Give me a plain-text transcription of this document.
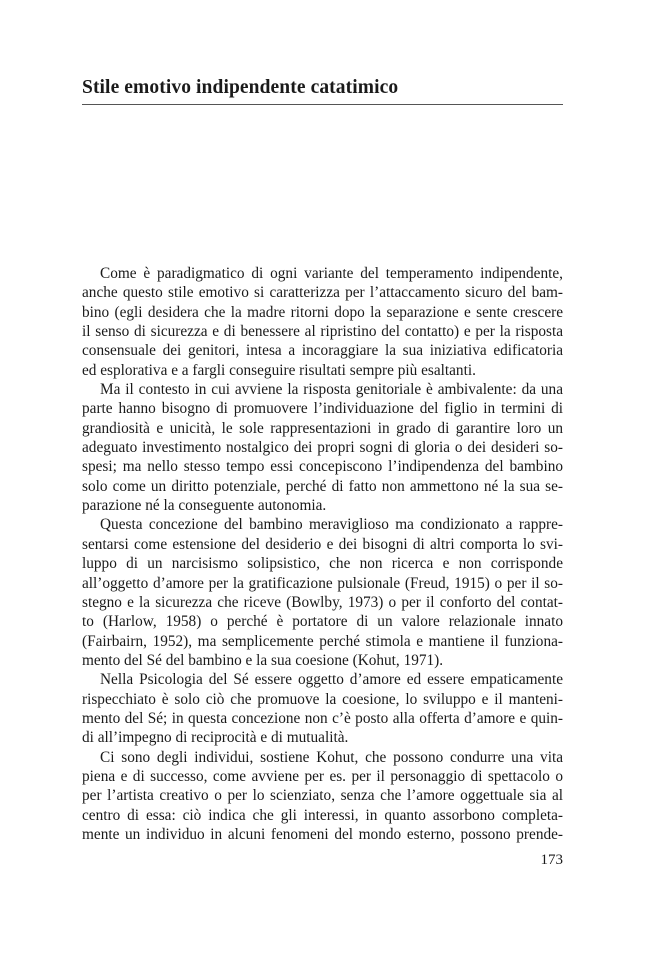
Stile emotivo indipendente catatimico
Come è paradigmatico di ogni variante del temperamento indipendente,
anche questo stile emotivo si caratterizza per l’attaccamento sicuro del bam-
bino (egli desidera che la madre ritorni dopo la separazione e sente crescere
il senso di sicurezza e di benessere al ripristino del contatto) e per la risposta
consensuale dei genitori, intesa a incoraggiare la sua iniziativa edificatoria
ed esplorativa e a fargli conseguire risultati sempre più esaltanti.
Ma il contesto in cui avviene la risposta genitoriale è ambivalente: da una
parte hanno bisogno di promuovere l’individuazione del figlio in termini di
grandiosità e unicità, le sole rappresentazioni in grado di garantire loro un
adeguato investimento nostalgico dei propri sogni di gloria o dei desideri so-
spesi; ma nello stesso tempo essi concepiscono l’indipendenza del bambino
solo come un diritto potenziale, perché di fatto non ammettono né la sua se-
parazione né la conseguente autonomia.
Questa concezione del bambino meraviglioso ma condizionato a rappre-
sentarsi come estensione del desiderio e dei bisogni di altri comporta lo svi-
luppo di un narcisismo solipsistico, che non ricerca e non corrisponde
all’oggetto d’amore per la gratificazione pulsionale (Freud, 1915) o per il so-
stegno e la sicurezza che riceve (Bowlby, 1973) o per il conforto del contat-
to (Harlow, 1958) o perché è portatore di un valore relazionale innato
(Fairbairn, 1952), ma semplicemente perché stimola e mantiene il funziona-
mento del Sé del bambino e la sua coesione (Kohut, 1971).
Nella Psicologia del Sé essere oggetto d’amore ed essere empaticamente
rispecchiato è solo ciò che promuove la coesione, lo sviluppo e il manteni-
mento del Sé; in questa concezione non c’è posto alla offerta d’amore e quin-
di all’impegno di reciprocità e di mutualità.
Ci sono degli individui, sostiene Kohut, che possono condurre una vita
piena e di successo, come avviene per es. per il personaggio di spettacolo o
per l’artista creativo o per lo scienziato, senza che l’amore oggettuale sia al
centro di essa: ciò indica che gli interessi, in quanto assorbono completa-
mente un individuo in alcuni fenomeni del mondo esterno, possono prende-
173
